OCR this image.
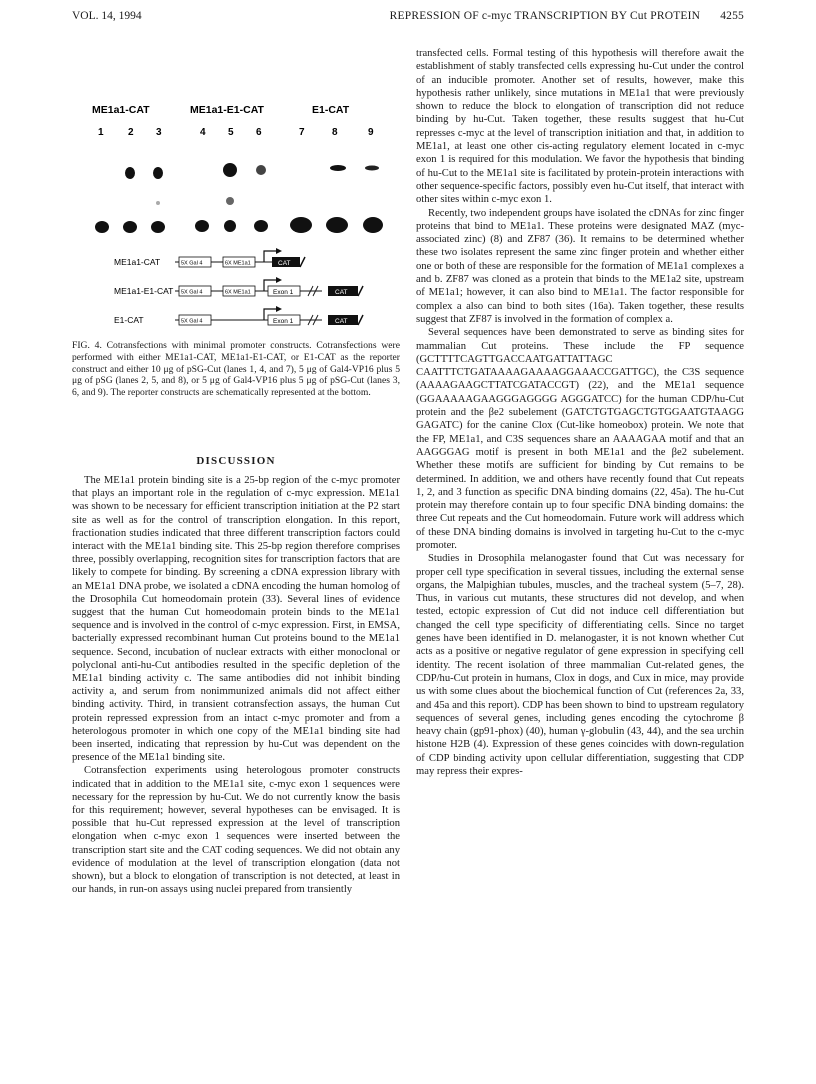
VOL. 14, 1994	REPRESSION OF c-myc TRANSCRIPTION BY Cut PROTEIN 4255
ME1a1-CAT	ME1a1-E1-CAT	E1-CAT
1 2 3	4 5 6	7	8	9
ME1a1-CAT	5X Gal 4	6X ME1a1	CAT
ME1a1-E1-CAT 5X Gal 4	6X ME1a1	Exon 1	CAT
E1-CAT	5X Gal 4	Exon 1	CAT
FIG. 4. Cotransfections with minimal promoter constructs. Cotransfections were performed with either ME1a1-CAT, ME1a1-E1-CAT, or E1-CAT as the reporter construct and either 10 μg of pSG-Cut (lanes 1, 4, and 7), 5 μg of Gal4-VP16 plus 5 μg of pSG (lanes 2, 5, and 8), or 5 μg of Gal4-VP16 plus 5 μg of pSG-Cut (lanes 3, 6, and 9). The reporter constructs are schematically represented at the bottom.
DISCUSSION

The ME1a1 protein binding site is a 25-bp region of the c-myc promoter that plays an important role in the regulation of c-myc expression. ME1a1 was shown to be necessary for efficient transcription initiation at the P2 start site as well as for the control of transcription elongation. In this report, fractionation studies indicated that three different transcription factors could interact with the ME1a1 binding site. This 25-bp region therefore comprises three, possibly overlapping, recognition sites for transcription factors that are likely to compete for binding. By screening a cDNA expression library with an ME1a1 DNA probe, we isolated a cDNA encoding the human homolog of the Drosophila Cut homeodomain protein (33). Several lines of evidence suggest that the human Cut homeodomain protein binds to the ME1a1 sequence and is involved in the control of c-myc expression. First, in EMSA, bacterially expressed recombinant human Cut proteins bound to the ME1a1 sequence. Second, incubation of nuclear extracts with either monoclonal or polyclonal anti-hu-Cut antibodies resulted in the specific depletion of the ME1a1 binding activity c. The same antibodies did not inhibit binding activity a, and serum from nonimmunized animals did not affect either binding activity. Third, in transient cotransfection assays, the human Cut protein repressed expression from an intact c-myc promoter and from a heterologous promoter in which one copy of the ME1a1 binding site had been inserted, indicating that repression by hu-Cut was dependent on the presence of the ME1a1 binding site.

Cotransfection experiments using heterologous promoter constructs indicated that in addition to the ME1a1 site, c-myc exon 1 sequences were necessary for the repression by hu-Cut. We do not currently know the basis for this requirement; however, several hypotheses can be envisaged. It is possible that hu-Cut repressed expression at the level of transcription elongation when c-myc exon 1 sequences were inserted between the transcription start site and the CAT coding sequences. We did not obtain any evidence of modulation at the level of transcription elongation (data not shown), but a block to elongation of transcription is not detected, at least in our hands, in run-on assays using nuclei prepared from transiently

transfected cells. Formal testing of this hypothesis will therefore await the establishment of stably transfected cells expressing hu-Cut under the control of an inducible promoter. Another set of results, however, make this hypothesis rather unlikely, since mutations in ME1a1 that were previously shown to reduce the block to elongation of transcription did not reduce binding by hu-Cut. Taken together, these results suggest that hu-Cut represses c-myc at the level of transcription initiation and that, in addition to ME1a1, at least one other cis-acting regulatory element located in c-myc exon 1 is required for this modulation. We favor the hypothesis that binding of hu-Cut to the ME1a1 site is facilitated by protein-protein interactions with other sequence-specific factors, possibly even hu-Cut itself, that interact with other sites within c-myc exon 1.

Recently, two independent groups have isolated the cDNAs for zinc finger proteins that bind to ME1a1. These proteins were designated MAZ (myc-associated zinc) (8) and ZF87 (36). It remains to be determined whether these two isolates represent the same zinc finger protein and whether either one or both of these are responsible for the formation of ME1a1 complexes a and b. ZF87 was cloned as a protein that binds to the ME1a2 site, upstream of ME1a1; however, it can also bind to ME1a1. The factor responsible for complex a also can bind to both sites (16a). Taken together, these results suggest that ZF87 is involved in the formation of complex a.

Several sequences have been demonstrated to serve as binding sites for mammalian Cut proteins. These include the FP sequence (GCTTTTCAGTTGACCAATGATTATTAGC CAATTTCTGATAAAAGAAAAGGAAACCGATTGC), the C3S sequence (AAAAGAAGCTTATCGATACCGT) (22), and the ME1a1 sequence (GGAAAAAGAAGGGAGGGG AGGGATCC) for the human CDP/hu-Cut protein and the βe2 subelement (GATCTGTGAGCTGTGGAATGTAAGG GAGATC) for the canine Clox (Cut-like homeobox) protein. We note that the FP, ME1a1, and C3S sequences share an AAAAGAA motif and that an AAGGGAG motif is present in both ME1a1 and the βe2 subelement. Whether these motifs are sufficient for binding by Cut remains to be determined. In addition, we and others have recently found that Cut repeats 1, 2, and 3 function as specific DNA binding domains (22, 45a). The hu-Cut protein may therefore contain up to four specific DNA binding domains: the three Cut repeats and the Cut homeodomain. Future work will address which of these DNA binding domains is involved in targeting hu-Cut to the c-myc promoter.

Studies in Drosophila melanogaster found that Cut was necessary for proper cell type specification in several tissues, including the external sense organs, the Malpighian tubules, muscles, and the tracheal system (5–7, 28). Thus, in various cut mutants, these structures did not develop, and when tested, ectopic expression of Cut did not induce cell differentiation but changed the cell type specificity of differentiating cells. Since no target genes have been identified in D. melanogaster, it is not known whether Cut acts as a positive or negative regulator of gene expression in specifying cell identity. The recent isolation of three mammalian Cut-related genes, the CDP/hu-Cut protein in humans, Clox in dogs, and Cux in mice, may provide us with some clues about the biochemical function of Cut (references 2a, 33, and 45a and this report). CDP has been shown to bind to upstream regulatory sequences of several genes, including genes encoding the cytochrome β heavy chain (gp91-phox) (40), human γ-globulin (43, 44), and the sea urchin histone H2B (4). Expression of these genes coincides with down-regulation of CDP binding activity upon cellular differentiation, suggesting that CDP may repress their expres-
